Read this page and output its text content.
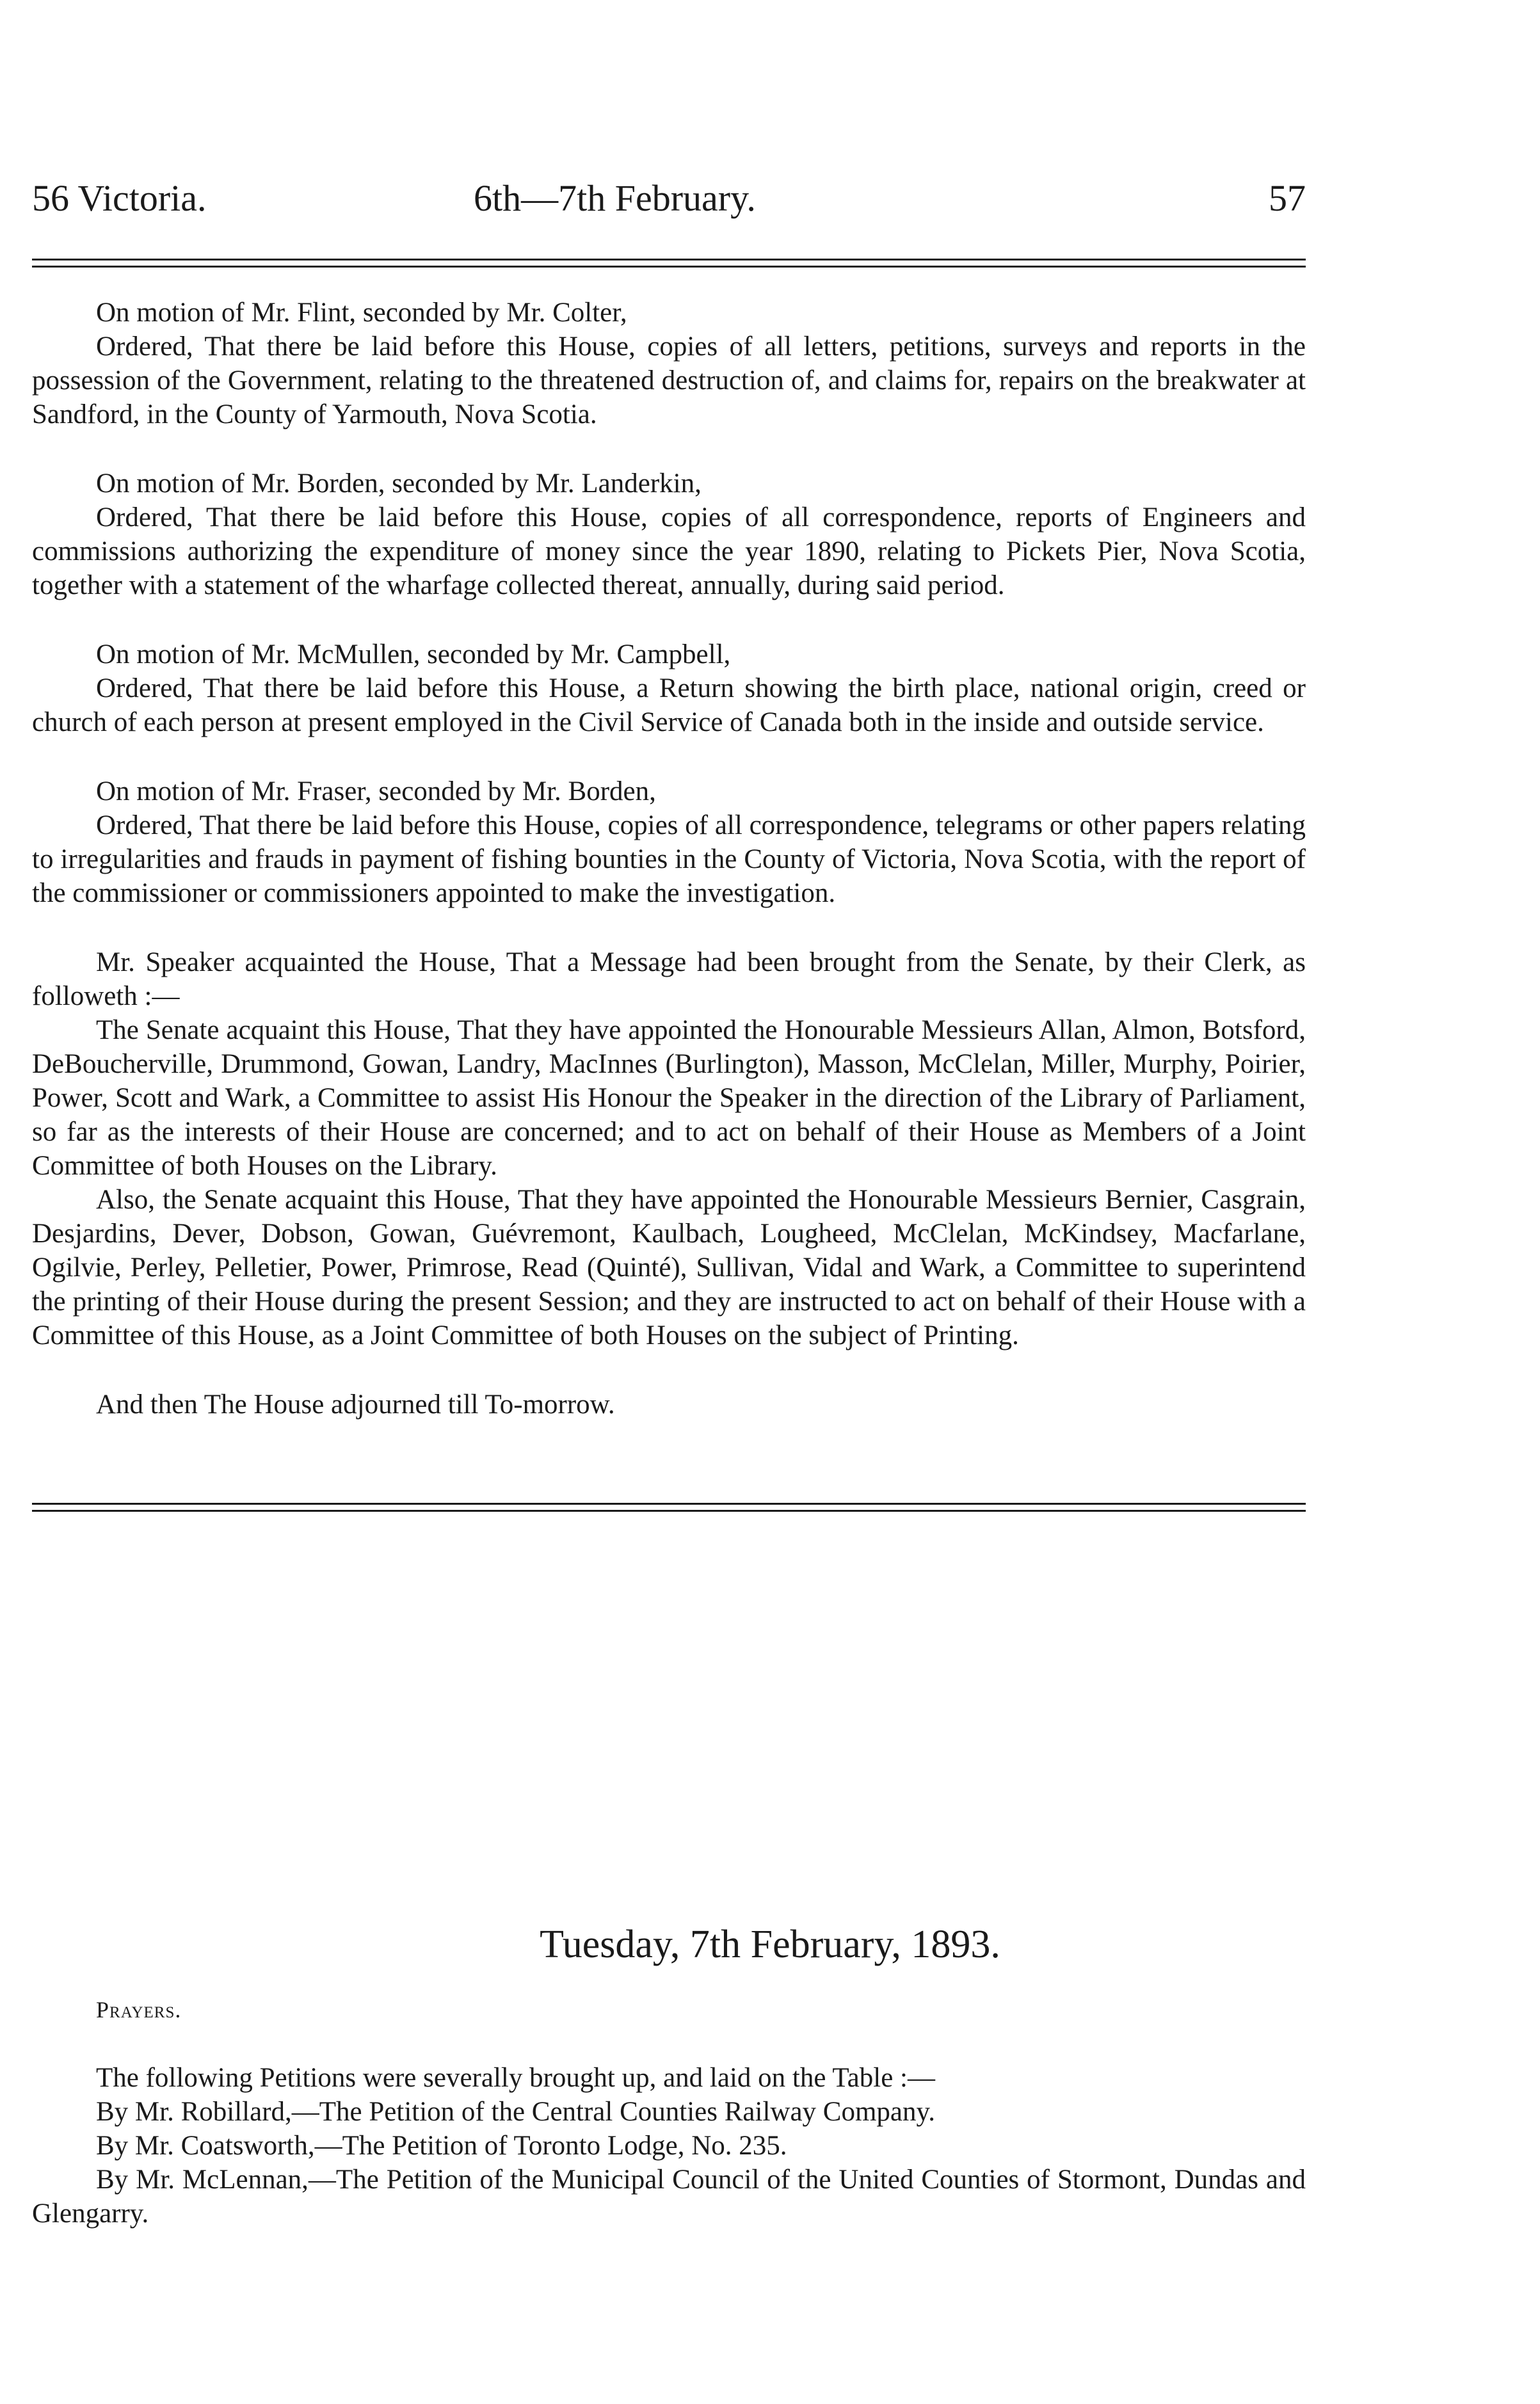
56 Victoria.	6th—7th February.	57

On motion of Mr. Flint, seconded by Mr. Colter,

Ordered, That there be laid before this House, copies of all letters, petitions, surveys and reports in the possession of the Government, relating to the threatened destruction of, and claims for, repairs on the breakwater at Sandford, in the County of Yarmouth, Nova Scotia.

On motion of Mr. Borden, seconded by Mr. Landerkin,

Ordered, That there be laid before this House, copies of all correspondence, reports of Engineers and commissions authorizing the expenditure of money since the year 1890, relating to Pickets Pier, Nova Scotia, together with a statement of the wharfage collected thereat, annually, during said period.

On motion of Mr. McMullen, seconded by Mr. Campbell,

Ordered, That there be laid before this House, a Return showing the birth place, national origin, creed or church of each person at present employed in the Civil Service of Canada both in the inside and outside service.

On motion of Mr. Fraser, seconded by Mr. Borden,

Ordered, That there be laid before this House, copies of all correspondence, telegrams or other papers relating to irregularities and frauds in payment of fishing bounties in the County of Victoria, Nova Scotia, with the report of the commissioner or commissioners appointed to make the investigation.

Mr. Speaker acquainted the House, That a Message had been brought from the Senate, by their Clerk, as followeth :—

The Senate acquaint this House, That they have appointed the Honourable Messieurs Allan, Almon, Botsford, DeBoucherville, Drummond, Gowan, Landry, MacInnes (Burlington), Masson, McClelan, Miller, Murphy, Poirier, Power, Scott and Wark, a Committee to assist His Honour the Speaker in the direction of the Library of Parliament, so far as the interests of their House are concerned; and to act on behalf of their House as Members of a Joint Committee of both Houses on the Library.

Also, the Senate acquaint this House, That they have appointed the Honourable Messieurs Bernier, Casgrain, Desjardins, Dever, Dobson, Gowan, Guévremont, Kaulbach, Lougheed, McClelan, McKindsey, Macfarlane, Ogilvie, Perley, Pelletier, Power, Primrose, Read (Quinté), Sullivan, Vidal and Wark, a Committee to superintend the printing of their House during the present Session; and they are instructed to act on behalf of their House with a Committee of this House, as a Joint Committee of both Houses on the subject of Printing.

And then The House adjourned till To-morrow.

Tuesday, 7th February, 1893.
Prayers.

The following Petitions were severally brought up, and laid on the Table :—

By Mr. Robillard,—The Petition of the Central Counties Railway Company.

By Mr. Coatsworth,—The Petition of Toronto Lodge, No. 235.

By Mr. McLennan,—The Petition of the Municipal Council of the United Counties of Stormont, Dundas and Glengarry.
